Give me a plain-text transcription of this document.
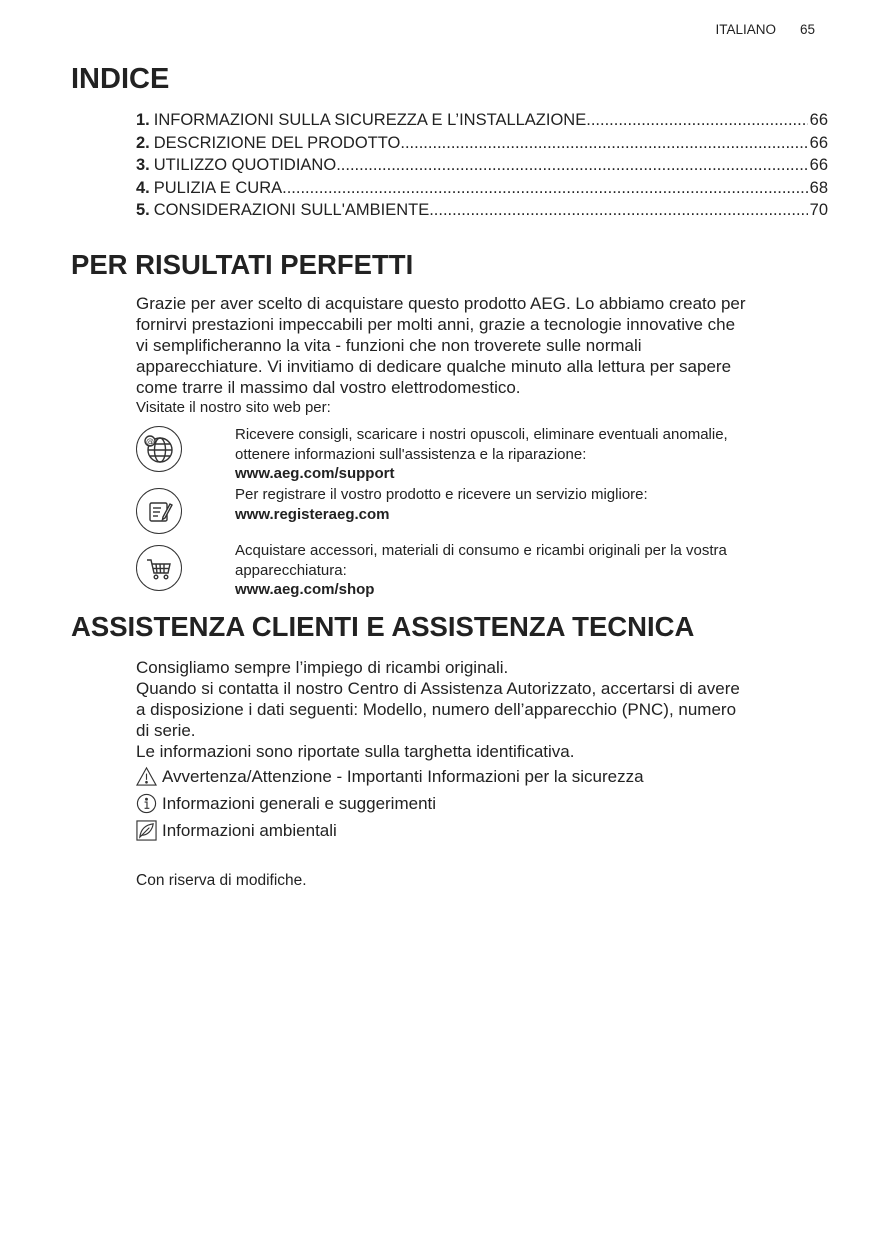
ITALIANO 65
INDICE
1. INFORMAZIONI SULLA SICUREZZA E L’INSTALLAZIONE .....	66
2. DESCRIZIONE DEL PRODOTTO .....	66
3. UTILIZZO QUOTIDIANO .....	66
4. PULIZIA E CURA .....	68
5. CONSIDERAZIONI SULL'AMBIENTE .....	70
PER RISULTATI PERFETTI
Grazie per aver scelto di acquistare questo prodotto AEG. Lo abbiamo creato per
fornirvi prestazioni impeccabili per molti anni, grazie a tecnologie innovative che
vi semplificheranno la vita - funzioni che non troverete sulle normali
apparecchiature. Vi invitiamo di dedicare qualche minuto alla lettura per sapere
come trarre il massimo dal vostro elettrodomestico.
Visitate il nostro sito web per:
@	Ricevere consigli, scaricare i nostri opuscoli, eliminare eventuali anomalie,
ottenere informazioni sull'assistenza e la riparazione:
www.aeg.com/support
Per registrare il vostro prodotto e ricevere un servizio migliore:
www.registeraeg.com
Acquistare accessori, materiali di consumo e ricambi originali per la vostra
apparecchiatura:
www.aeg.com/shop
ASSISTENZA CLIENTI E ASSISTENZA TECNICA
Consigliamo sempre l’impiego di ricambi originali.
Quando si contatta il nostro Centro di Assistenza Autorizzato, accertarsi di avere
a disposizione i dati seguenti: Modello, numero dell’apparecchio (PNC), numero
di serie.
Le informazioni sono riportate sulla targhetta identificativa.
Avvertenza/Attenzione - Importanti Informazioni per la sicurezza
Informazioni generali e suggerimenti
Informazioni ambientali
Con riserva di modifiche.
